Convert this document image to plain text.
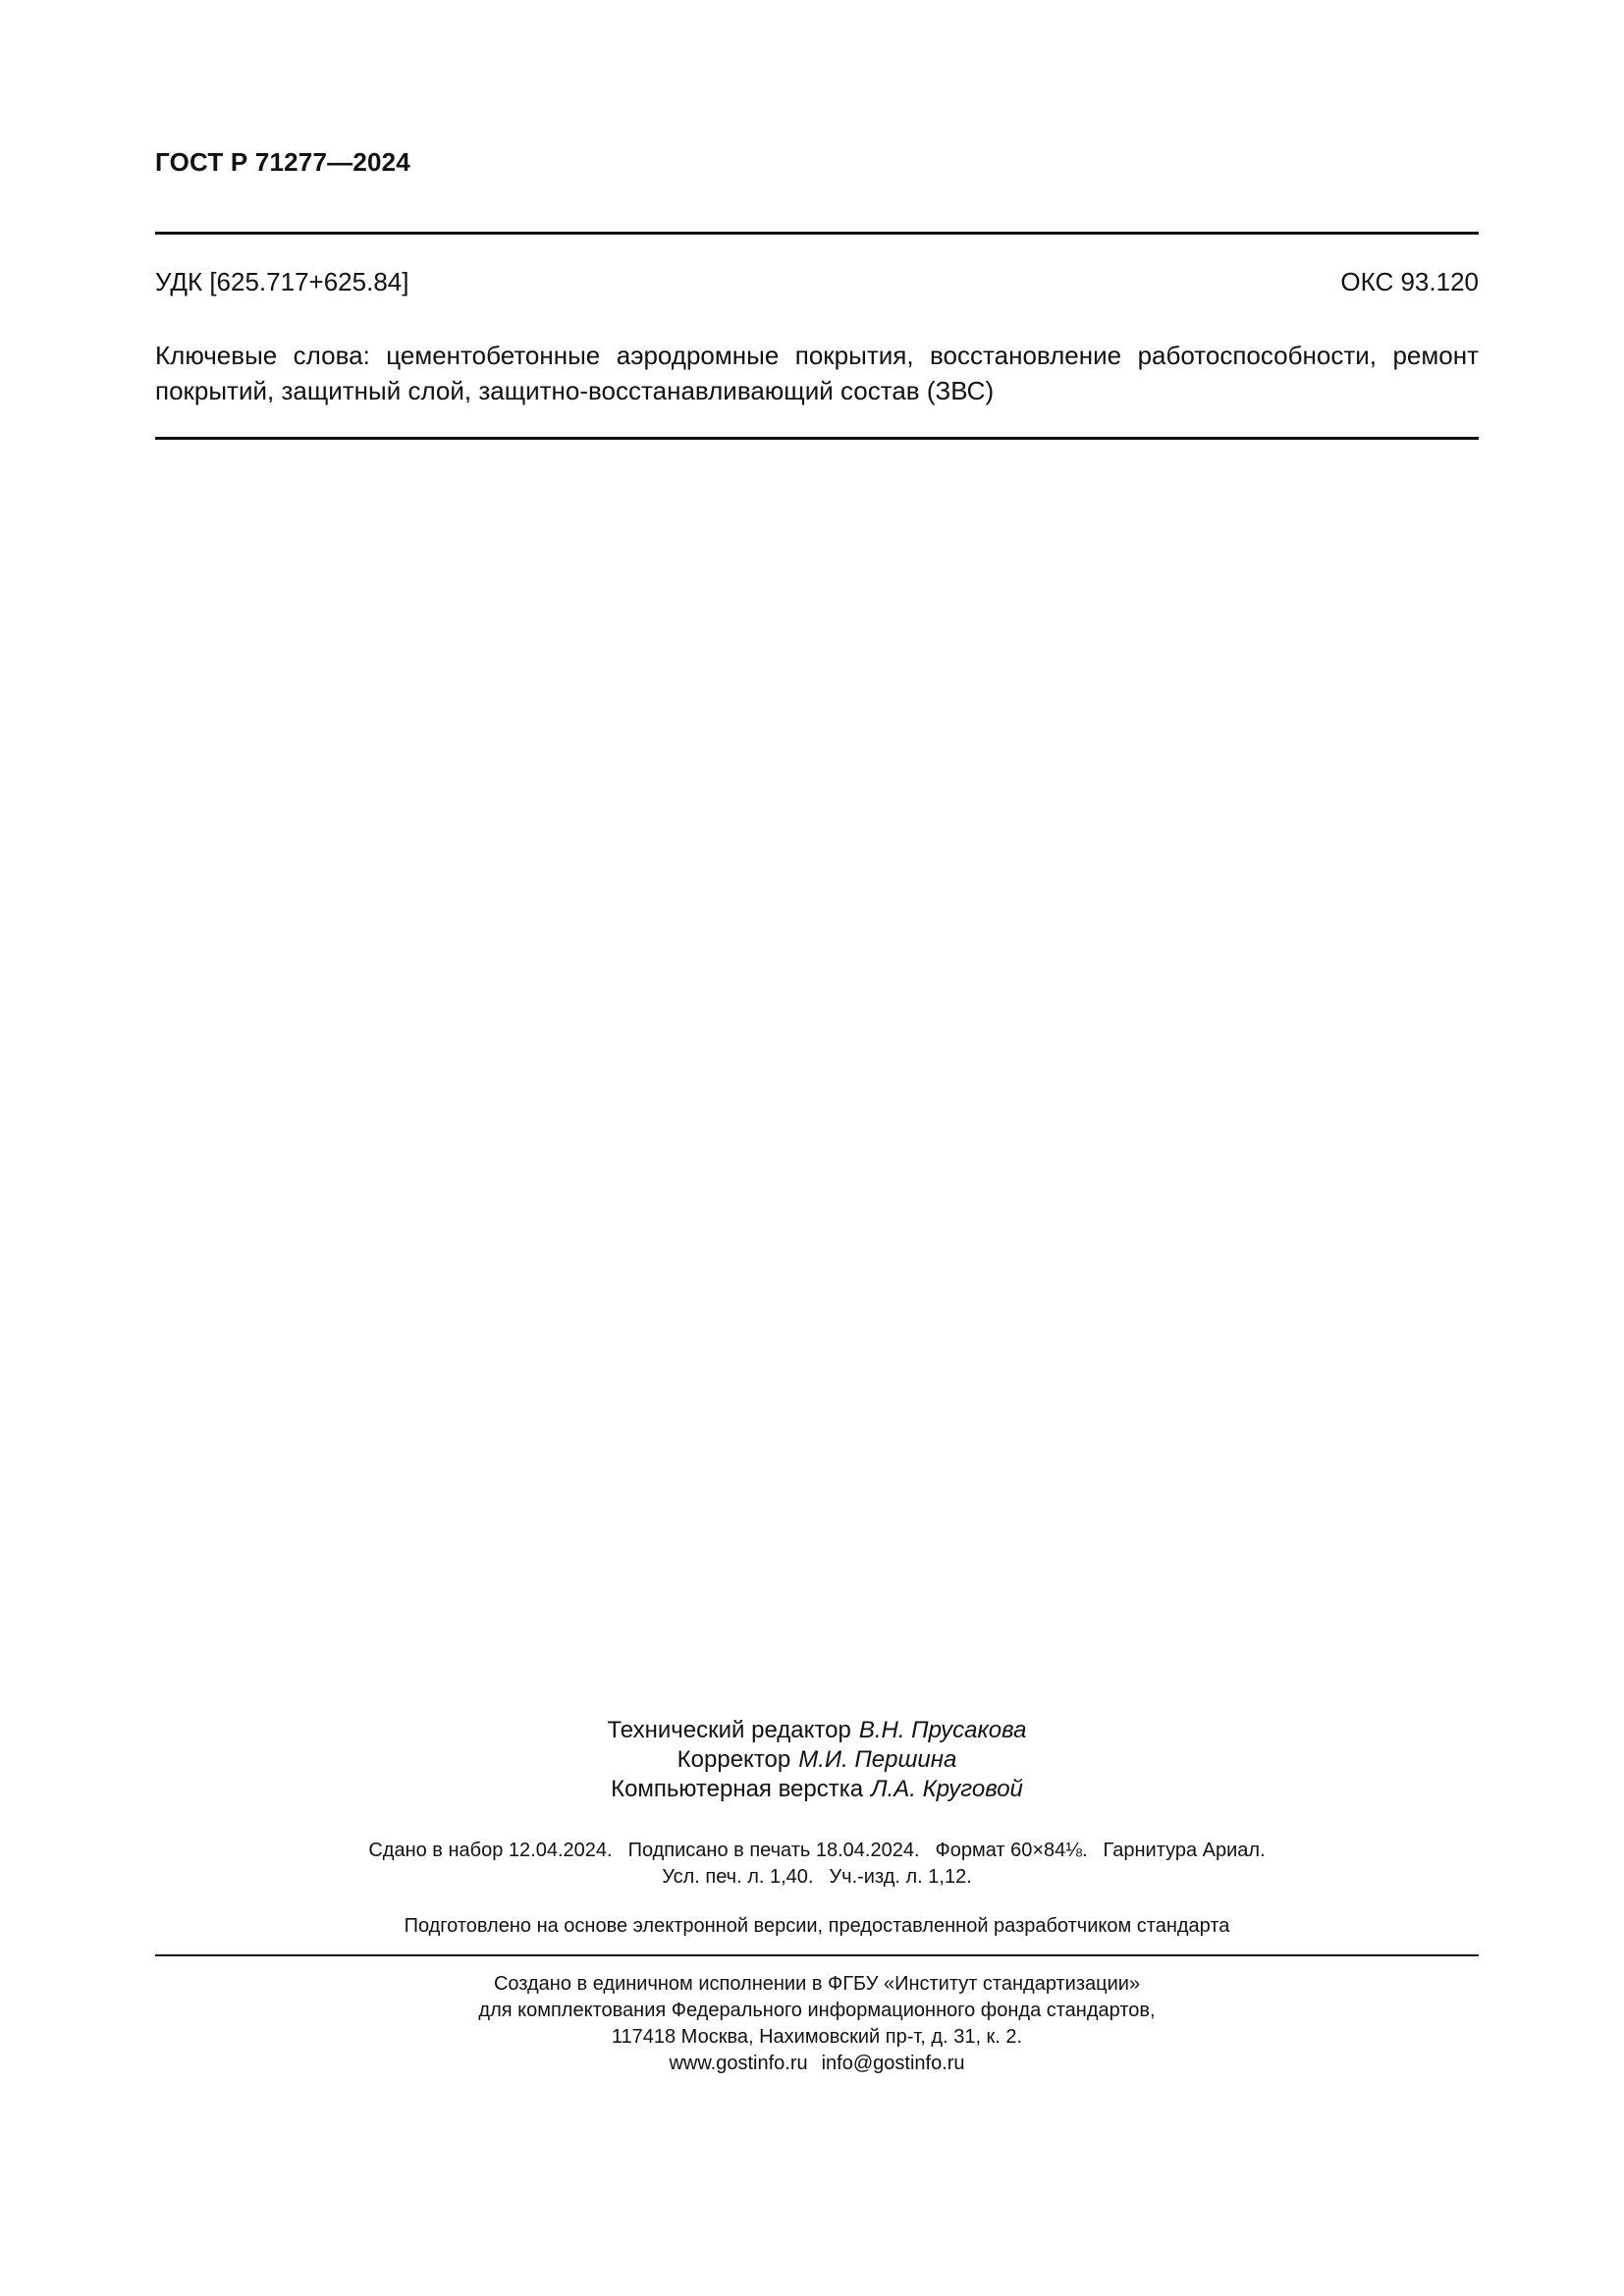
ГОСТ Р 71277—2024
УДК [625.717+625.84]	ОКС 93.120
Ключевые слова: цементобетонные аэродромные покрытия, восстановление работоспособности, ремонт покрытий, защитный слой, защитно-восстанавливающий состав (ЗВС)
Технический редактор В.Н. Прусакова
Корректор М.И. Першина
Компьютерная верстка Л.А. Круговой
Сдано в набор 12.04.2024. Подписано в печать 18.04.2024. Формат 60×84⅛. Гарнитура Ариал.
Усл. печ. л. 1,40. Уч.-изд. л. 1,12.
Подготовлено на основе электронной версии, предоставленной разработчиком стандарта
Создано в единичном исполнении в ФГБУ «Институт стандартизации»
для комплектования Федерального информационного фонда стандартов,
117418 Москва, Нахимовский пр-т, д. 31, к. 2.
www.gostinfo.ru info@gostinfo.ru
